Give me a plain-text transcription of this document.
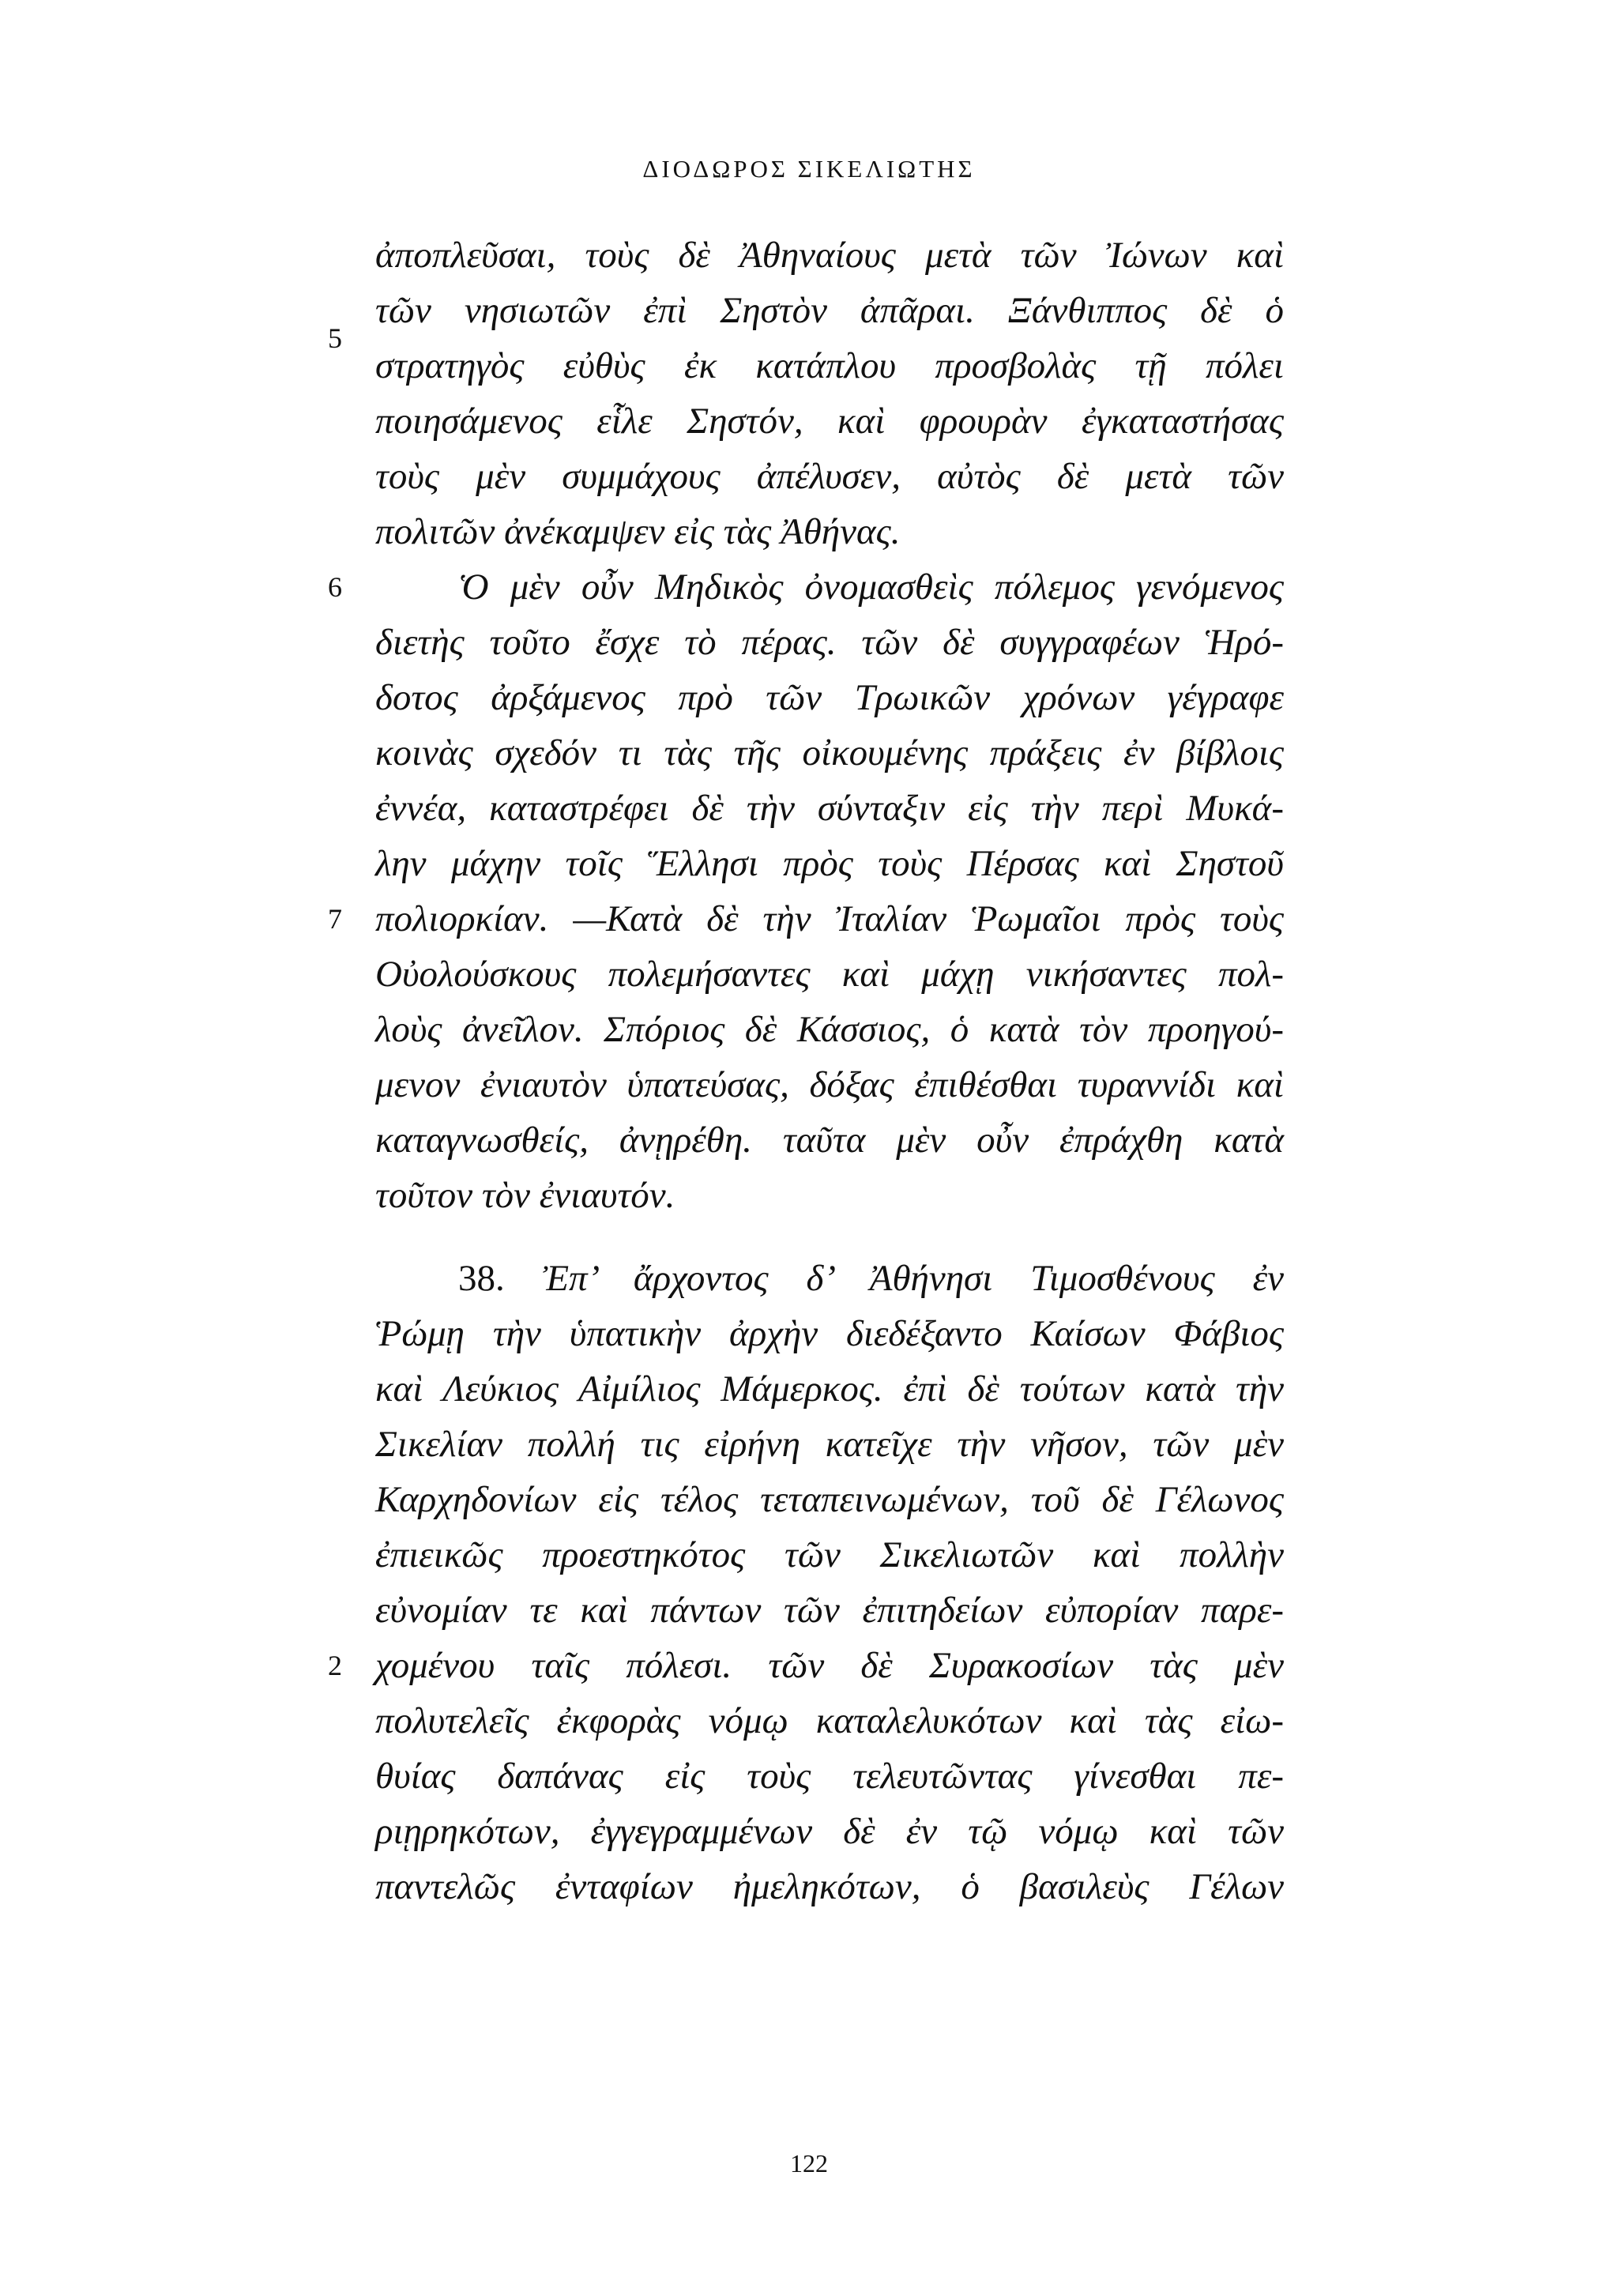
ΔΙΟΔΩΡΟΣ ΣΙΚΕΛΙΩΤΗΣ
5
6
7
2
ἀποπλεῦσαι, τοὺς δὲ Ἀθηναίους μετὰ τῶν Ἰώνων καὶ
τῶν νησιωτῶν ἐπὶ Σηστὸν ἀπᾶραι. Ξάνθιππος δὲ ὁ
στρατηγὸς εὐθὺς ἐκ κατάπλου προσβολὰς τῇ πόλει
ποιησάμενος εἷλε Σηστόν, καὶ φρουρὰν ἐγκαταστήσας
τοὺς μὲν συμμάχους ἀπέλυσεν, αὐτὸς δὲ μετὰ τῶν
πολιτῶν ἀνέκαμψεν εἰς τὰς Ἀθήνας.
Ὁ μὲν οὖν Μηδικὸς ὀνομασθεὶς πόλεμος γενόμενος
διετὴς τοῦτο ἔσχε τὸ πέρας. τῶν δὲ συγγραφέων Ἡρό-
δοτος ἀρξάμενος πρὸ τῶν Τρωικῶν χρόνων γέγραφε
κοινὰς σχεδόν τι τὰς τῆς οἰκουμένης πράξεις ἐν βίβλοις
ἐννέα, καταστρέφει δὲ τὴν σύνταξιν εἰς τὴν περὶ Μυκά-
λην μάχην τοῖς Ἕλλησι πρὸς τοὺς Πέρσας καὶ Σηστοῦ
πολιορκίαν. —Κατὰ δὲ τὴν Ἰταλίαν Ῥωμαῖοι πρὸς τοὺς
Οὐολούσκους πολεμήσαντες καὶ μάχῃ νικήσαντες πολ-
λοὺς ἀνεῖλον. Σπόριος δὲ Κάσσιος, ὁ κατὰ τὸν προηγού-
μενον ἐνιαυτὸν ὑπατεύσας, δόξας ἐπιθέσθαι τυραννίδι καὶ
καταγνωσθείς, ἀνῃρέθη. ταῦτα μὲν οὖν ἐπράχθη κατὰ
τοῦτον τὸν ἐνιαυτόν.
38. Ἐπ’ ἄρχοντος δ’ Ἀθήνησι Τιμοσθένους ἐν
Ῥώμῃ τὴν ὑπατικὴν ἀρχὴν διεδέξαντο Καίσων Φάβιος
καὶ Λεύκιος Αἰμίλιος Μάμερκος. ἐπὶ δὲ τούτων κατὰ τὴν
Σικελίαν πολλή τις εἰρήνη κατεῖχε τὴν νῆσον, τῶν μὲν
Καρχηδονίων εἰς τέλος τεταπεινωμένων, τοῦ δὲ Γέλωνος
ἐπιεικῶς προεστηκότος τῶν Σικελιωτῶν καὶ πολλὴν
εὐνομίαν τε καὶ πάντων τῶν ἐπιτηδείων εὐπορίαν παρε-
χομένου ταῖς πόλεσι. τῶν δὲ Συρακοσίων τὰς μὲν
πολυτελεῖς ἐκφορὰς νόμῳ καταλελυκότων καὶ τὰς εἰω-
θυίας δαπάνας εἰς τοὺς τελευτῶντας γίνεσθαι πε-
ριῃρηκότων, ἐγγεγραμμένων δὲ ἐν τῷ νόμῳ καὶ τῶν
παντελῶς ἐνταφίων ἠμεληκότων, ὁ βασιλεὺς Γέλων
122
